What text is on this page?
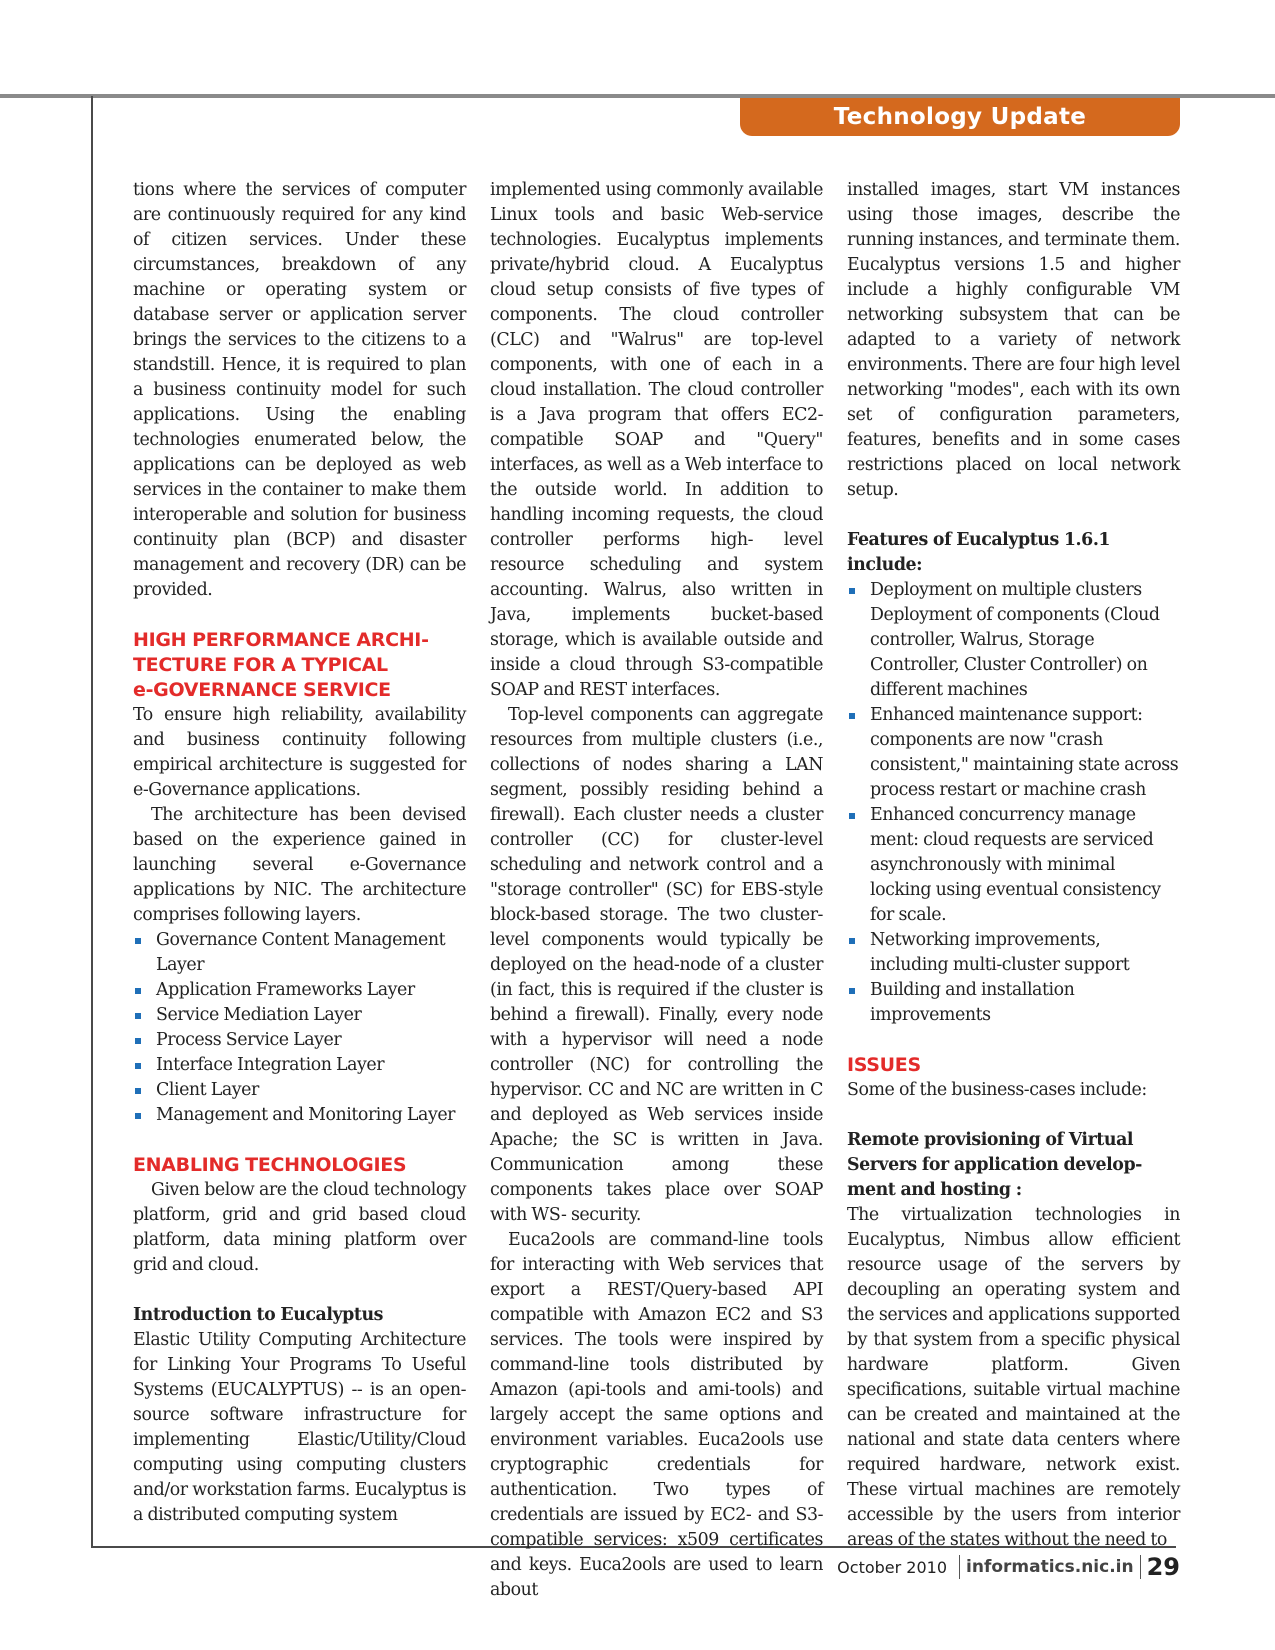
Technology Update

tions where the services of computer are continuously required for any kind of citizen services. Under these circumstances, breakdown of any machine or operating system or database server or application server brings the services to the citizens to a standstill. Hence, it is required to plan a business continuity model for such applications. Using the enabling technologies enumerated below, the applications can be deployed as web services in the container to make them interoperable and solution for business continuity plan (BCP) and disaster management and recovery (DR) can be provided.

HIGH PERFORMANCE ARCHI-
TECTURE FOR A TYPICAL
e-GOVERNANCE SERVICE

To ensure high reliability, availability and business continuity following empirical architecture is suggested for e-Governance applications.

The architecture has been devised based on the experience gained in launching several e-Governance applications by NIC. The architecture comprises following layers.

Governance Content Management Layer
Application Frameworks Layer
Service Mediation Layer
Process Service Layer
Interface Integration Layer
Client Layer
Management and Monitoring Layer
ENABLING TECHNOLOGIES

Given below are the cloud technology platform, grid and grid based cloud platform, data mining platform over grid and cloud.

Introduction to Eucalyptus

Elastic Utility Computing Architecture for Linking Your Programs To Useful Systems (EUCALYPTUS) -- is an open-source software infrastructure for implementing Elastic/Utility/Cloud computing using computing clusters and/or workstation farms. Eucalyptus is a distributed computing system

implemented using commonly available Linux tools and basic Web-service technologies. Eucalyptus implements private/hybrid cloud. A Eucalyptus cloud setup consists of five types of components. The cloud controller (CLC) and "Walrus" are top-level components, with one of each in a cloud installation. The cloud controller is a Java program that offers EC2- compatible SOAP and "Query" interfaces, as well as a Web interface to the outside world. In addition to handling incoming requests, the cloud controller performs high- level resource scheduling and system accounting. Walrus, also written in Java, implements bucket-based storage, which is available outside and inside a cloud through S3-compatible SOAP and REST interfaces.

Top-level components can aggregate resources from multiple clusters (i.e., collections of nodes sharing a LAN segment, possibly residing behind a firewall). Each cluster needs a cluster controller (CC) for cluster-level scheduling and network control and a "storage controller" (SC) for EBS-style block-based storage. The two cluster-level components would typically be deployed on the head-node of a cluster (in fact, this is required if the cluster is behind a firewall). Finally, every node with a hypervisor will need a node controller (NC) for controlling the hypervisor. CC and NC are written in C and deployed as Web services inside Apache; the SC is written in Java. Communication among these components takes place over SOAP with WS- security.

Euca2ools are command-line tools for interacting with Web services that export a REST/Query-based API compatible with Amazon EC2 and S3 services. The tools were inspired by command-line tools distributed by Amazon (api-tools and ami-tools) and largely accept the same options and environment variables. Euca2ools use cryptographic credentials for authentication. Two types of credentials are issued by EC2- and S3-compatible services: x509 certificates and keys. Euca2ools are used to learn about

installed images, start VM instances using those images, describe the running instances, and terminate them. Eucalyptus versions 1.5 and higher include a highly configurable VM networking subsystem that can be adapted to a variety of network environments. There are four high level networking "modes", each with its own set of configuration parameters, features, benefits and in some cases restrictions placed on local network setup.

Features of Eucalyptus 1.6.1
include:
Deployment on multiple clusters Deployment of components (Cloud controller, Walrus, Storage Controller, Cluster Controller) on different machines
Enhanced maintenance support: components are now "crash consistent," maintaining state across process restart or machine crash
Enhanced concurrency manage ment: cloud requests are serviced asynchronously with minimal locking using eventual consistency for scale.
Networking improvements, including multi-cluster support
Building and installation improvements
ISSUES

Some of the business-cases include:

Remote provisioning of Virtual
Servers for application develop-
ment and hosting :

The virtualization technologies in Eucalyptus, Nimbus allow efficient resource usage of the servers by decoupling an operating system and the services and applications supported by that system from a specific physical hardware platform. Given specifications, suitable virtual machine can be created and maintained at the national and state data centers where required hardware, network exist. These virtual machines are remotely accessible by the users from interior areas of the states without the need to

October 2010 informatics.nic.in 29
